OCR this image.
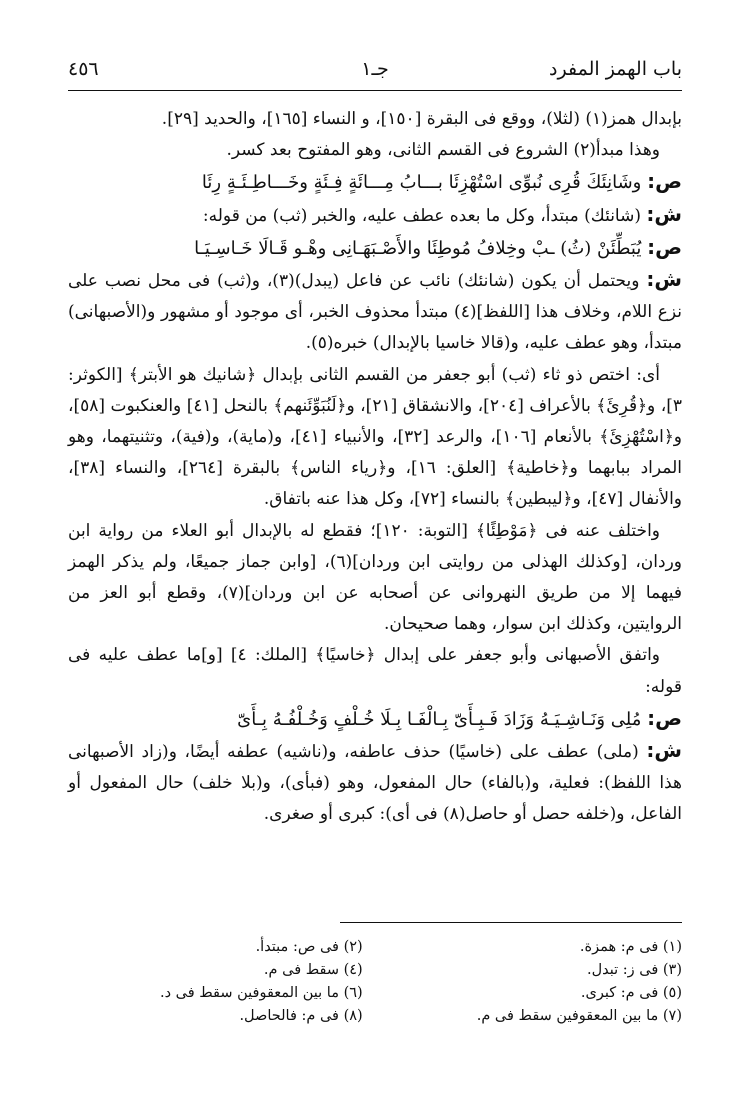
باب الهمز المفرد
جـ١
٤٥٦

بإبدال همز(١) (لثلا)، ووقع فى البقرة [١٥٠]، و النساء [١٦٥]، والحديد [٢٩].

وهذا مبدأ(٢) الشروع فى القسم الثانى، وهو المفتوح بعد كسر.

ص: وشَانِئَكَ قُرِى نُبوِّى اسْتُهْزِئَا بـــابُ مِـــائَةٍ فِـئَةٍ وخَـــاطِـئَـةٍ رِئَا

ش: (شانئك) مبتدأ، وكل ما بعده عطف عليه، والخبر (ثب) من قوله:

ص: يُبَطِّئَنْ (ثُ) ـبْ وخِلافُ مُوطِئَا والأَصْـبَهَـانِى وهْـو قَـالَا خَـاسِـيَـا

ش: ويحتمل أن يكون (شانئك) نائب عن فاعل (يبدل)(٣)، و(ثب) فى محل نصب على نزع اللام، وخلاف هذا [اللفظ](٤) مبتدأ محذوف الخبر، أى موجود أو مشهور و(الأصبهانى) مبتدأ، وهو عطف عليه، و(قالا خاسيا بالإبدال) خبره(٥).

أى: اختص ذو ثاء (ثب) أبو جعفر من القسم الثانى بإبدال ﴿شانيك هو الأبتر﴾ [الكوثر: ٣]، و﴿قُرِئَ﴾ بالأعراف [٢٠٤]، والانشقاق [٢١]، و﴿لَنُبَوِّئَنهم﴾ بالنحل [٤١] والعنكبوت [٥٨]، و﴿اسْتُهْزِئَ﴾ بالأنعام [١٠٦]، والرعد [٣٢]، والأنبياء [٤١]، و(ماية)، و(فية)، وتثنيتهما، وهو المراد ببابهما و﴿خاطية﴾ [العلق: ١٦]، و﴿رياء الناس﴾ بالبقرة [٢٦٤]، والنساء [٣٨]، والأنفال [٤٧]، و﴿ليبطين﴾ بالنساء [٧٢]، وكل هذا عنه باتفاق.

واختلف عنه فى ﴿مَوْطِئًا﴾ [التوبة: ١٢٠]؛ فقطع له بالإبدال أبو العلاء من رواية ابن وردان، [وكذلك الهذلى من روايتى ابن وردان](٦)، [وابن جماز جميعًا، ولم يذكر الهمز فيهما إلا من طريق النهروانى عن أصحابه عن ابن وردان](٧)، وقطع أبو العز من الروايتين، وكذلك ابن سوار، وهما صحيحان.

واتفق الأصبهانى وأبو جعفر على إبدال ﴿خاسيًا﴾ [الملك: ٤] [و]ما عطف عليه فى قوله:

ص: مُلِى وَنَـاشِـيَـهُ وَزَادَ فَـبِـأَىّ بِـالْفَـا بِـلَا خُـلْفٍ وَخُـلْفُـهُ بِـأَىّ

ش: (ملى) عطف على (خاسيًا) حذف عاطفه، و(ناشيه) عطفه أيضًا، و(زاد الأصبهانى هذا اللفظ): فعلية، و(بالفاء) حال المفعول، وهو (فبأى)، و(بلا خلف) حال المفعول أو الفاعل، و(خلفه حصل أو حاصل(٨) فى أى): كبرى أو صغرى.

(١) فى م: همزة.
(٣) فى ز: تبدل.
(٥) فى م: كبرى.
(٧) ما بين المعقوفين سقط فى م.
(٢) فى ص: مبتدأ.
(٤) سقط فى م.
(٦) ما بين المعقوفين سقط فى د.
(٨) فى م: فالحاصل.
